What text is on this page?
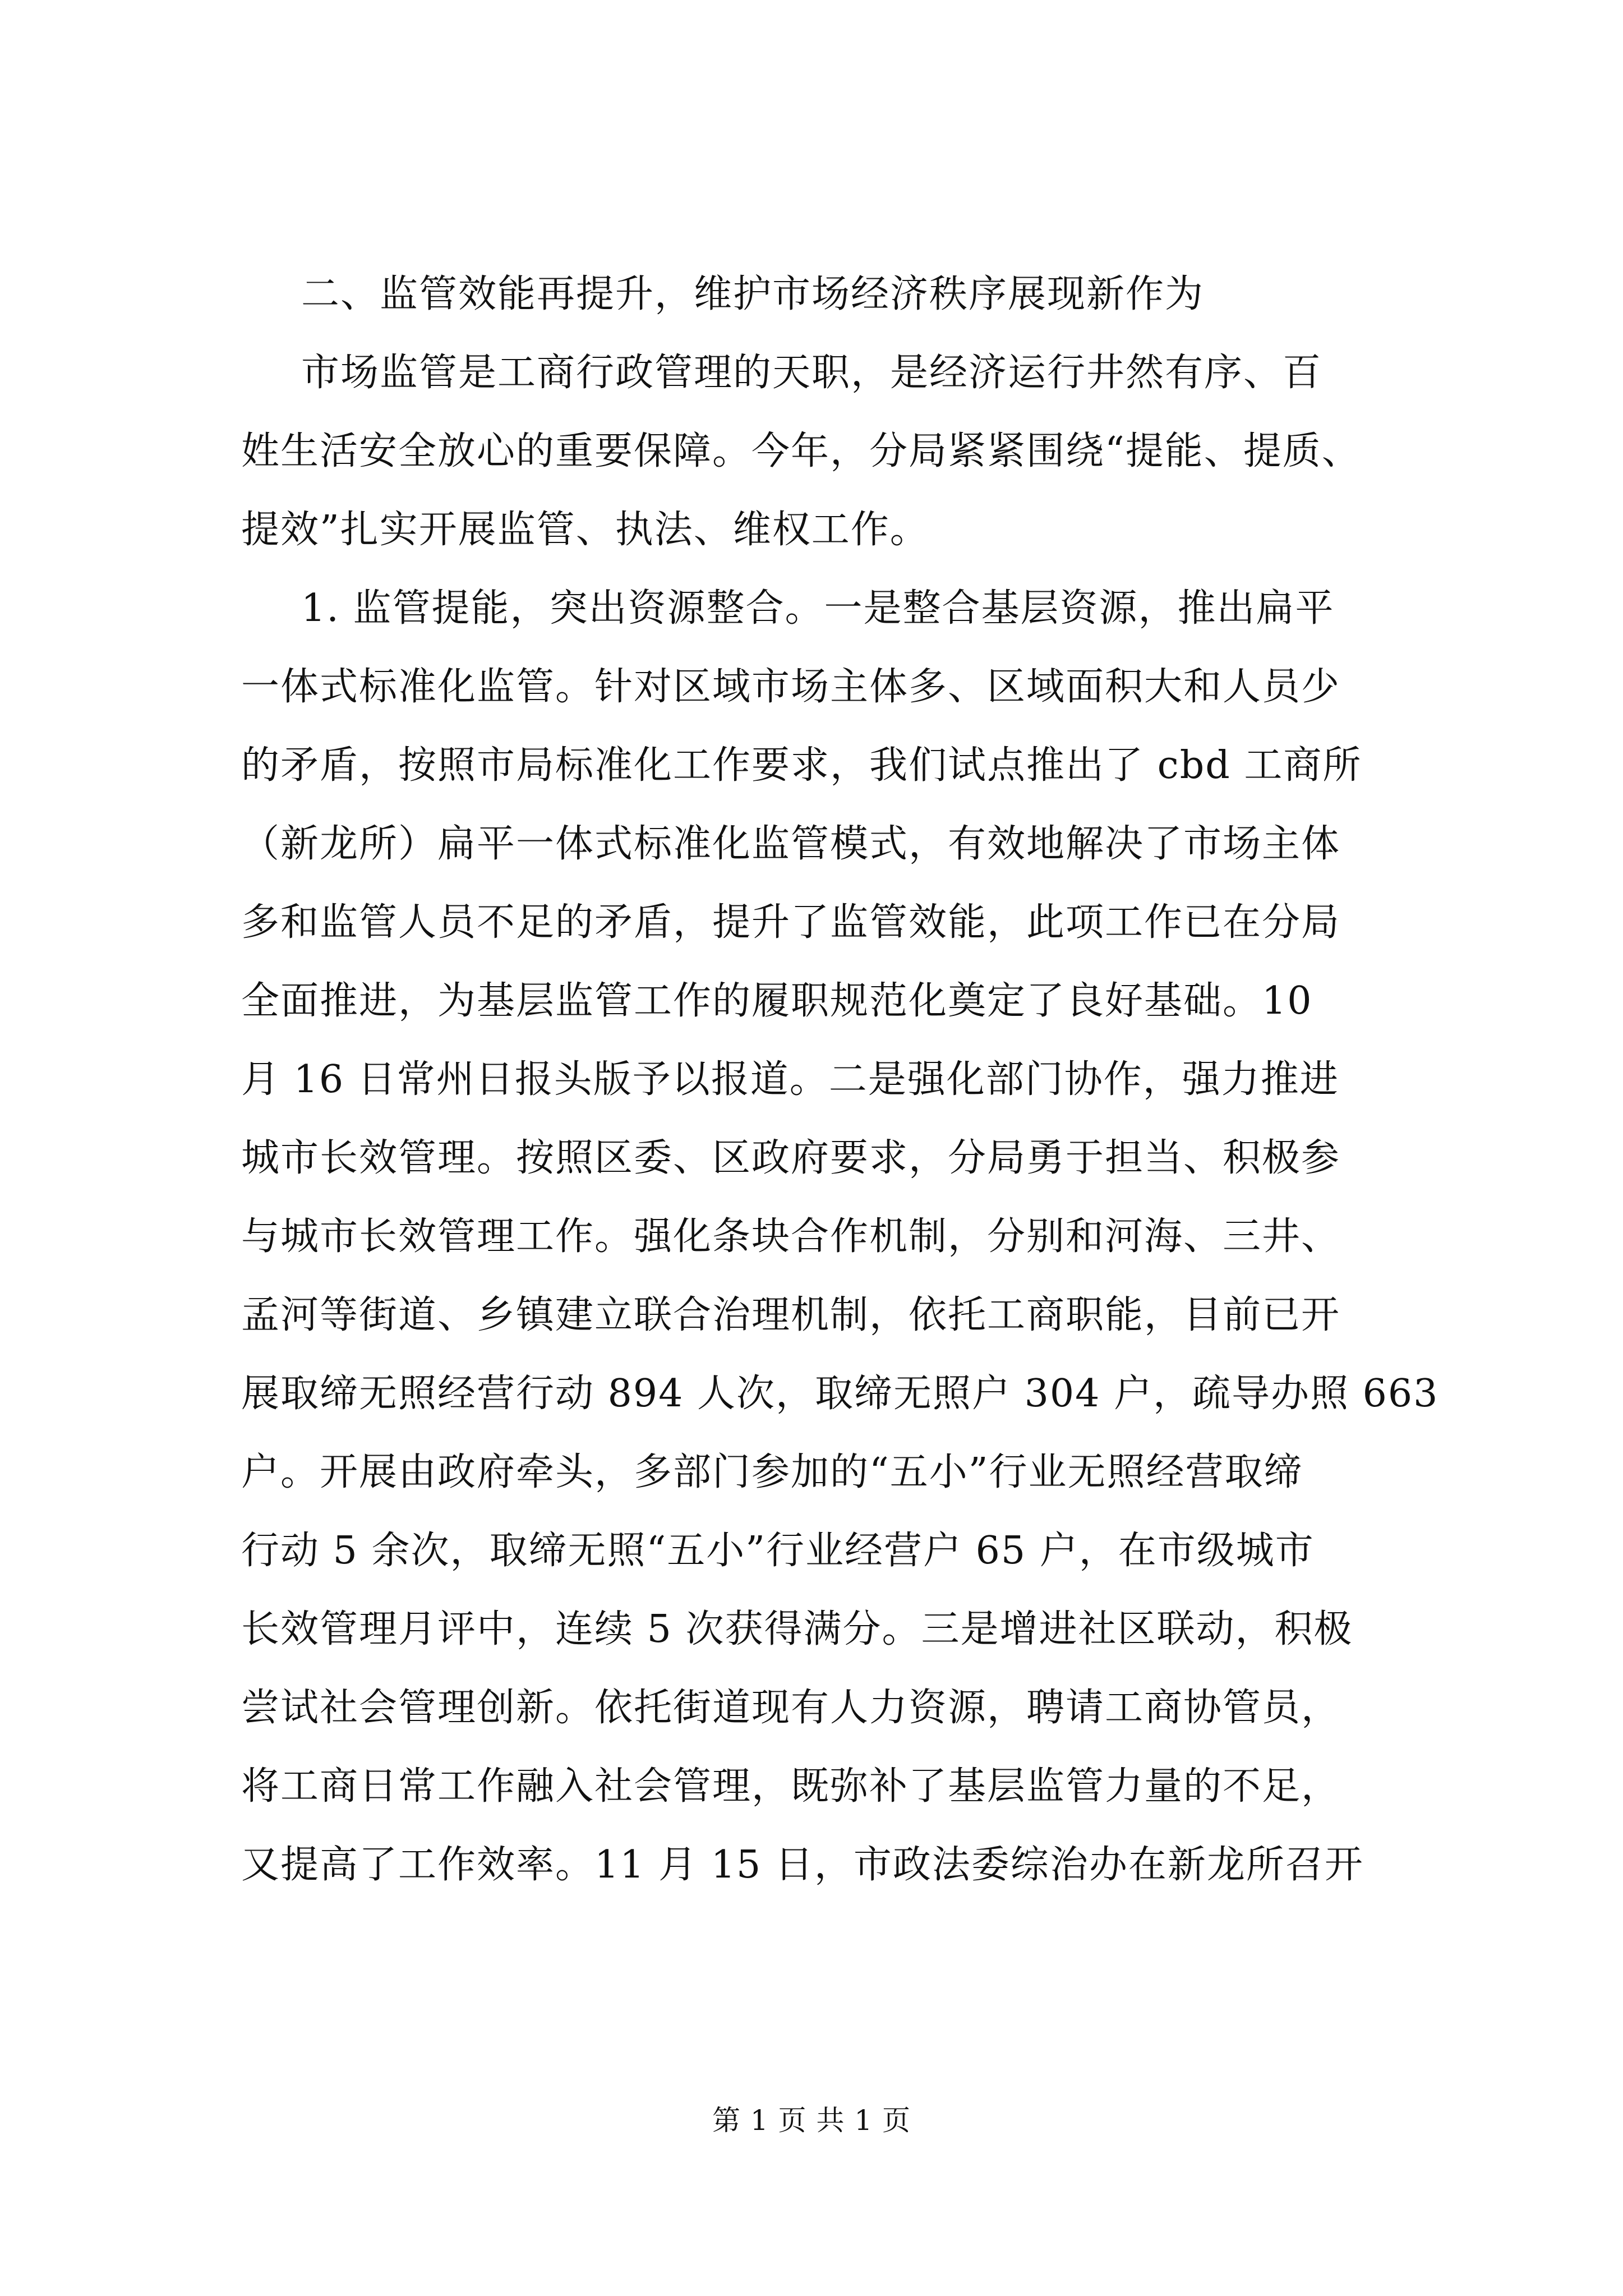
二、监管效能再提升，维护市场经济秩序展现新作为
市场监管是工商行政管理的天职，是经济运行井然有序、百
姓生活安全放心的重要保障。今年，分局紧紧围绕“提能、提质、
提效”扎实开展监管、执法、维权工作。
1. 监管提能，突出资源整合。一是整合基层资源，推出扁平
一体式标准化监管。针对区域市场主体多、区域面积大和人员少
的矛盾，按照市局标准化工作要求，我们试点推出了 cbd 工商所
（新龙所）扁平一体式标准化监管模式，有效地解决了市场主体
多和监管人员不足的矛盾，提升了监管效能，此项工作已在分局
全面推进，为基层监管工作的履职规范化奠定了良好基础。10
月 16 日常州日报头版予以报道。二是强化部门协作，强力推进
城市长效管理。按照区委、区政府要求，分局勇于担当、积极参
与城市长效管理工作。强化条块合作机制，分别和河海、三井、
孟河等街道、乡镇建立联合治理机制，依托工商职能，目前已开
展取缔无照经营行动 894 人次，取缔无照户 304 户，疏导办照 663
户。开展由政府牵头，多部门参加的“五小”行业无照经营取缔
行动 5 余次，取缔无照“五小”行业经营户 65 户，在市级城市
长效管理月评中，连续 5 次获得满分。三是增进社区联动，积极
尝试社会管理创新。依托街道现有人力资源，聘请工商协管员，
将工商日常工作融入社会管理，既弥补了基层监管力量的不足，
又提高了工作效率。11 月 15 日，市政法委综治办在新龙所召开
第 1 页 共 1 页
